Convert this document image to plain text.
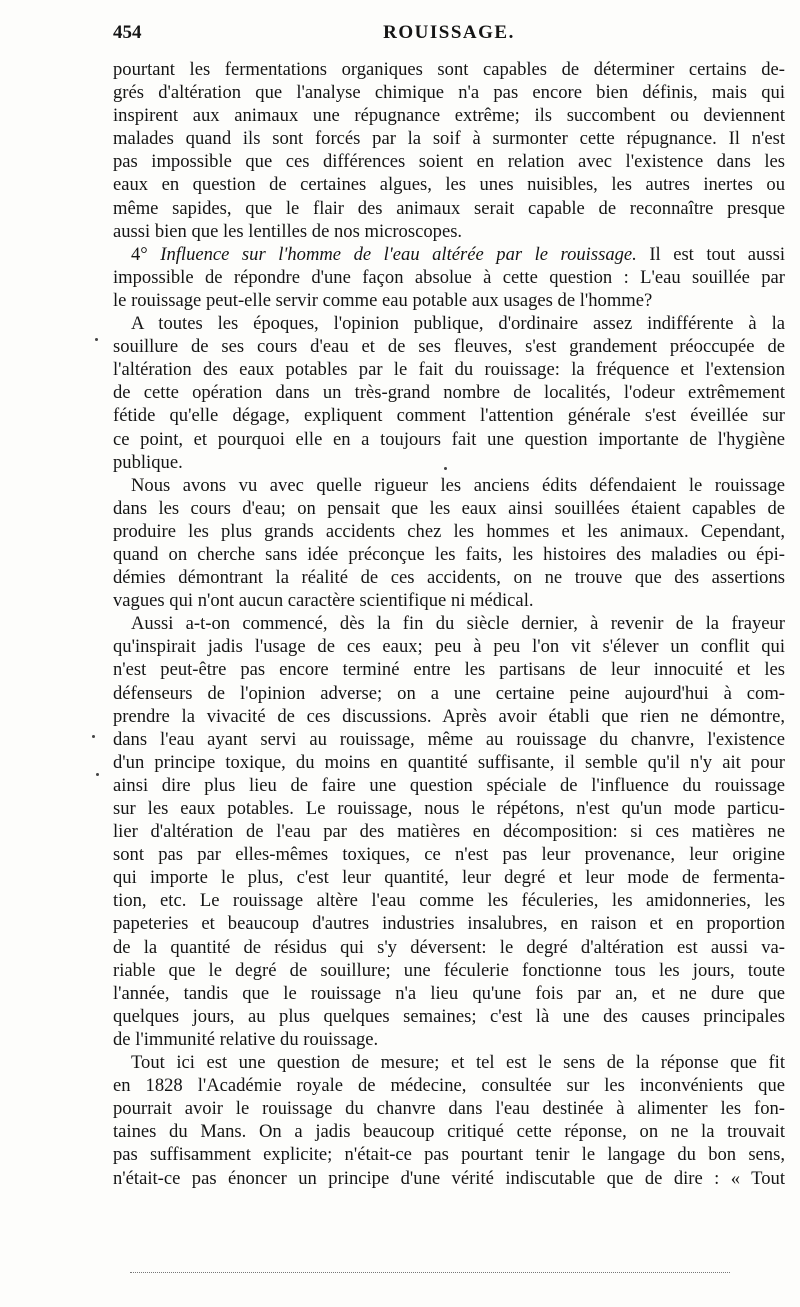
454	ROUISSAGE.
pourtant les fermentations organiques sont capables de déterminer certains de-
grés d'altération que l'analyse chimique n'a pas encore bien définis, mais qui
inspirent aux animaux une répugnance extrême; ils succombent ou deviennent
malades quand ils sont forcés par la soif à surmonter cette répugnance. Il n'est
pas impossible que ces différences soient en relation avec l'existence dans les
eaux en question de certaines algues, les unes nuisibles, les autres inertes ou
même sapides, que le flair des animaux serait capable de reconnaître presque
aussi bien que les lentilles de nos microscopes.
4° Influence sur l'homme de l'eau altérée par le rouissage. Il est tout aussi
impossible de répondre d'une façon absolue à cette question : L'eau souillée par
le rouissage peut-elle servir comme eau potable aux usages de l'homme?
A toutes les époques, l'opinion publique, d'ordinaire assez indifférente à la
souillure de ses cours d'eau et de ses fleuves, s'est grandement préoccupée de
l'altération des eaux potables par le fait du rouissage: la fréquence et l'extension
de cette opération dans un très-grand nombre de localités, l'odeur extrêmement
fétide qu'elle dégage, expliquent comment l'attention générale s'est éveillée sur
ce point, et pourquoi elle en a toujours fait une question importante de l'hygiène
publique.
Nous avons vu avec quelle rigueur les anciens édits défendaient le rouissage
dans les cours d'eau; on pensait que les eaux ainsi souillées étaient capables de
produire les plus grands accidents chez les hommes et les animaux. Cependant,
quand on cherche sans idée préconçue les faits, les histoires des maladies ou épi-
démies démontrant la réalité de ces accidents, on ne trouve que des assertions
vagues qui n'ont aucun caractère scientifique ni médical.
Aussi a-t-on commencé, dès la fin du siècle dernier, à revenir de la frayeur
qu'inspirait jadis l'usage de ces eaux; peu à peu l'on vit s'élever un conflit qui
n'est peut-être pas encore terminé entre les partisans de leur innocuité et les
défenseurs de l'opinion adverse; on a une certaine peine aujourd'hui à com-
prendre la vivacité de ces discussions. Après avoir établi que rien ne démontre,
dans l'eau ayant servi au rouissage, même au rouissage du chanvre, l'existence
d'un principe toxique, du moins en quantité suffisante, il semble qu'il n'y ait pour
ainsi dire plus lieu de faire une question spéciale de l'influence du rouissage
sur les eaux potables. Le rouissage, nous le répétons, n'est qu'un mode particu-
lier d'altération de l'eau par des matières en décomposition: si ces matières ne
sont pas par elles-mêmes toxiques, ce n'est pas leur provenance, leur origine
qui importe le plus, c'est leur quantité, leur degré et leur mode de fermenta-
tion, etc. Le rouissage altère l'eau comme les féculeries, les amidonneries, les
papeteries et beaucoup d'autres industries insalubres, en raison et en proportion
de la quantité de résidus qui s'y déversent: le degré d'altération est aussi va-
riable que le degré de souillure; une féculerie fonctionne tous les jours, toute
l'année, tandis que le rouissage n'a lieu qu'une fois par an, et ne dure que
quelques jours, au plus quelques semaines; c'est là une des causes principales
de l'immunité relative du rouissage.
Tout ici est une question de mesure; et tel est le sens de la réponse que fit
en 1828 l'Académie royale de médecine, consultée sur les inconvénients que
pourrait avoir le rouissage du chanvre dans l'eau destinée à alimenter les fon-
taines du Mans. On a jadis beaucoup critiqué cette réponse, on ne la trouvait
pas suffisamment explicite; n'était-ce pas pourtant tenir le langage du bon sens,
n'était-ce pas énoncer un principe d'une vérité indiscutable que de dire : « Tout
